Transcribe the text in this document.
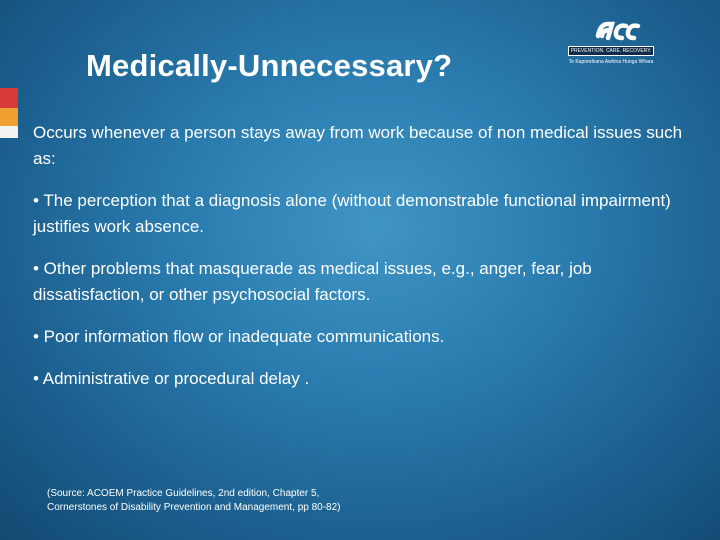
Medically-Unnecessary?	PREVENTION. CARE. RECOVERY.
Te Kaporeihana Awhina Hunga Whara

Occurs whenever a person stays away from work because of non medical issues such as:

• The perception that a diagnosis alone (without demonstrable functional impairment) justifies work absence.

• Other problems that masquerade as medical issues, e.g., anger, fear, job dissatisfaction, or other psychosocial factors.

• Poor information flow or inadequate communications.

• Administrative or procedural delay .

(Source: ACOEM Practice Guidelines, 2nd edition, Chapter 5,
Cornerstones of Disability Prevention and Management, pp 80-82)
